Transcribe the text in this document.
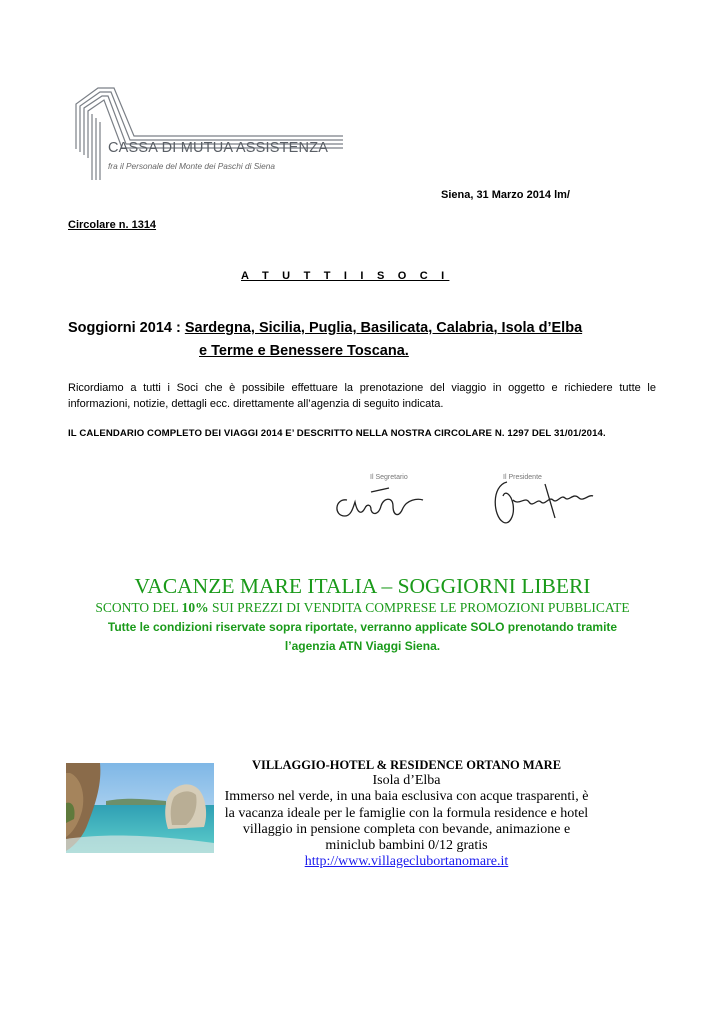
CASSA DI MUTUA ASSISTENZA
fra il Personale del Monte dei Paschi di Siena
Siena, 31 Marzo 2014 lm/
Circolare n. 1314
A T U T T I I S O C I
Soggiorni 2014 : Sardegna, Sicilia, Puglia, Basilicata, Calabria, Isola d’Elba
e Terme e Benessere Toscana.
Ricordiamo a tutti i Soci che è possibile effettuare la prenotazione del viaggio in oggetto e richiedere tutte le informazioni, notizie, dettagli ecc. direttamente all’agenzia di seguito indicata.
IL CALENDARIO COMPLETO DEI VIAGGI 2014 E’ DESCRITTO NELLA NOSTRA CIRCOLARE N. 1297 DEL 31/01/2014.
Il Segretario	Il Presidente
VACANZE MARE ITALIA – SOGGIORNI LIBERI
SCONTO DEL 10% SUI PREZZI DI VENDITA COMPRESE LE PROMOZIONI PUBBLICATE
Tutte le condizioni riservate sopra riportate, verranno applicate SOLO prenotando tramite
l’agenzia ATN Viaggi Siena.
VILLAGGIO-HOTEL & RESIDENCE ORTANO MARE
Isola d’Elba
Immerso nel verde, in una baia esclusiva con acque trasparenti, è
la vacanza ideale per le famiglie con la formula residence e hotel
villaggio in pensione completa con bevande, animazione e
miniclub bambini 0/12 gratis
http://www.villageclubortanomare.it
